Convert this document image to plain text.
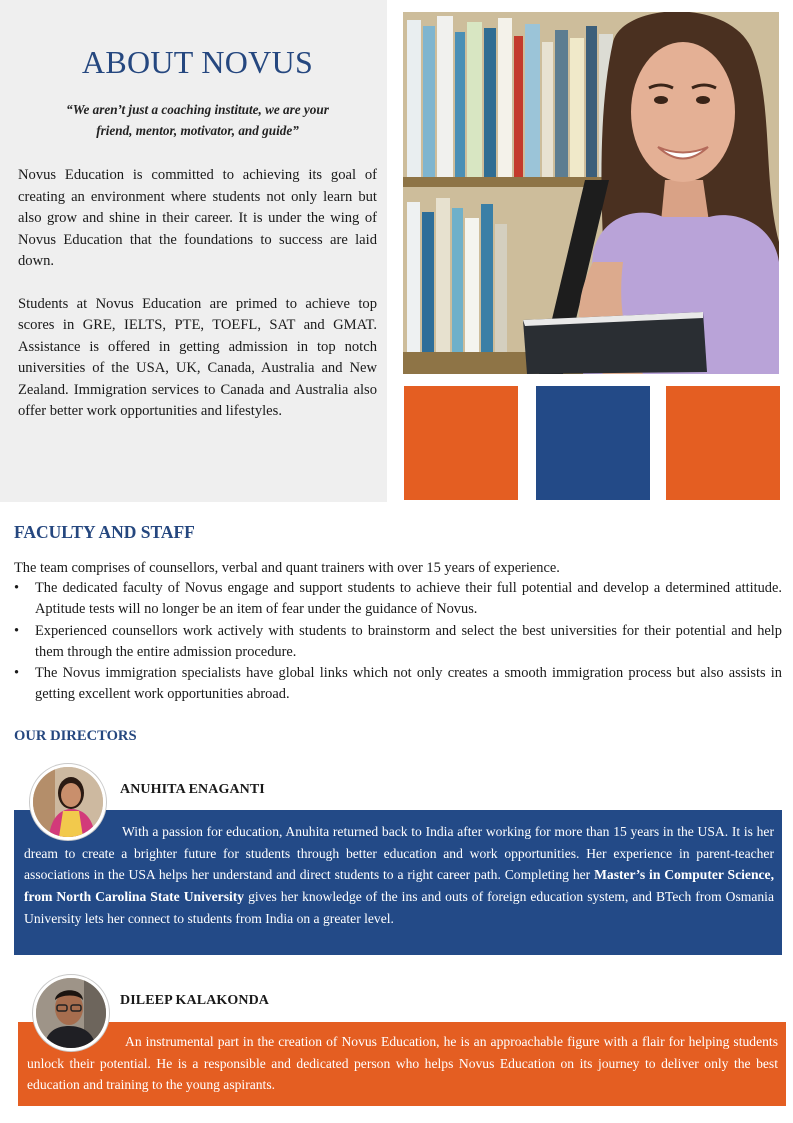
ABOUT NOVUS

“We aren’t just a coaching institute, we are your
friend, mentor, motivator, and guide”

Novus Education is committed to achieving its goal of creating an environment where students not only learn but also grow and shine in their career. It is under the wing of Novus Education that the foundations to success are laid down.

Students at Novus Education are primed to achieve top scores in GRE, IELTS, PTE, TOEFL, SAT and GMAT. Assistance is offered in getting admission in top notch universities of the USA, UK, Canada, Australia and New Zealand. Immigration services to Canada and Australia also offer better work opportunities and lifestyles.

FACULTY AND STAFF

The team comprises of counsellors, verbal and quant trainers with over 15 years of experience.

• The dedicated faculty of Novus engage and support students to achieve their full potential and develop a determined attitude. Aptitude tests will no longer be an item of fear under the guidance of Novus.
• Experienced counsellors work actively with students to brainstorm and select the best universities for their potential and help them through the entire admission procedure.
• The Novus immigration specialists have global links which not only creates a smooth immigration process but also assists in getting excellent work opportunities abroad.
OUR DIRECTORS
ANUHITA ENAGANTI
With a passion for education, Anuhita returned back to India after working for more than 15 years in the USA. It is her dream to create a brighter future for students through better education and work opportunities. Her experience in parent-teacher associations in the USA helps her understand and direct students to a right career path. Completing her Master’s in Computer Science, from North Carolina State University gives her knowledge of the ins and outs of foreign education system, and BTech from Osmania University lets her connect to students from India on a greater level.
DILEEP KALAKONDA
An instrumental part in the creation of Novus Education, he is an approachable figure with a flair for helping students unlock their potential. He is a responsible and dedicated person who helps Novus Education on its journey to deliver only the best education and training to the young aspirants.
